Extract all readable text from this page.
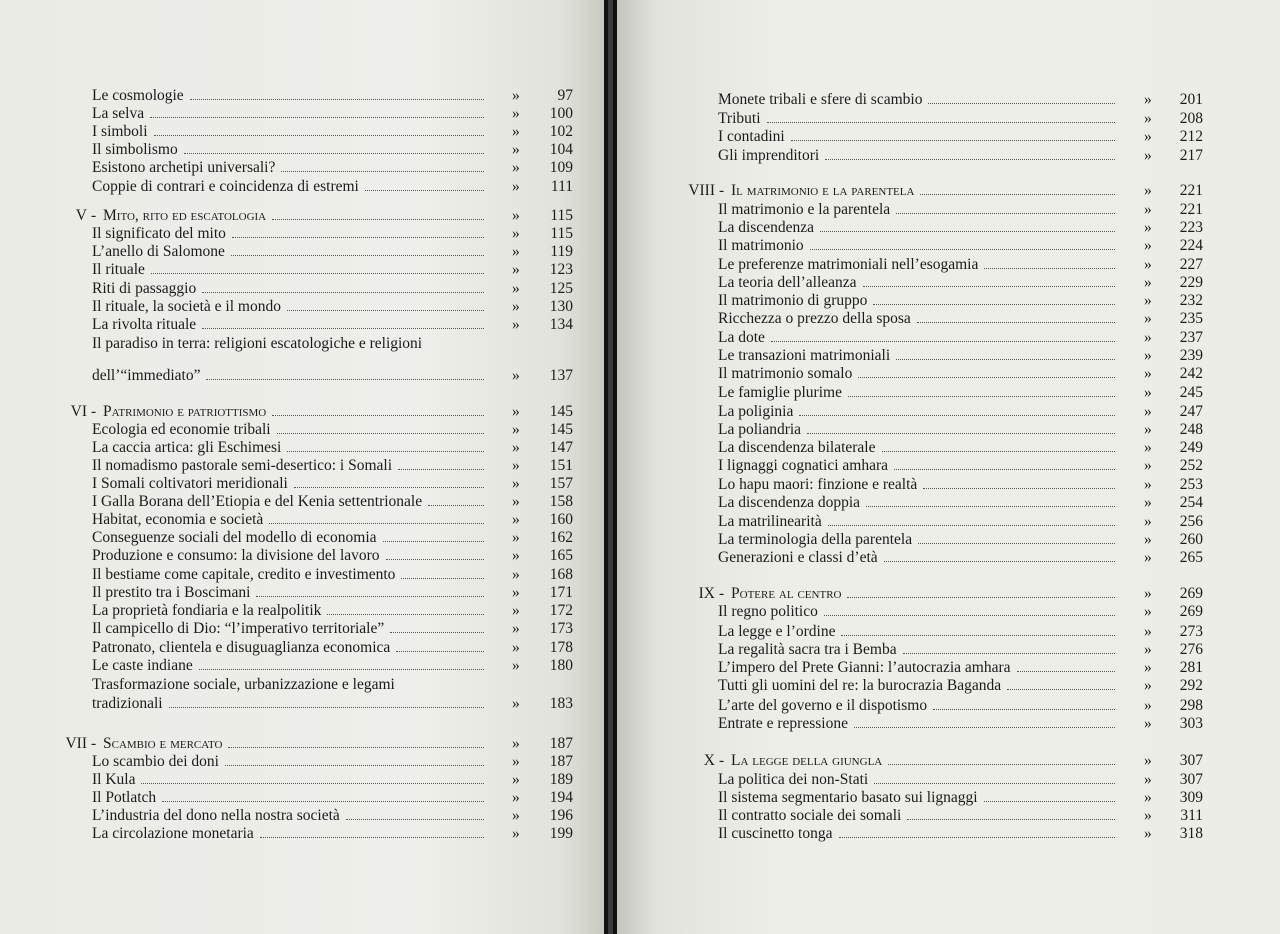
Le cosmologie	»	97
La selva	»	100
I simboli	»	102
Il simbolismo	»	104
Esistono archetipi universali?	»	109
Coppie di contrari e coincidenza di estremi	»	111
V - Mito, rito ed escatologia	»	115
Il significato del mito	»	115
L’anello di Salomone	»	119
Il rituale	»	123
Riti di passaggio	»	125
Il rituale, la società e il mondo	»	130
La rivolta rituale	»	134
Il paradiso in terra: religioni escatologiche e religioni
dell’“immediato”	»	137
VI - Patrimonio e patriottismo	»	145
Ecologia ed economie tribali	»	145
La caccia artica: gli Eschimesi	»	147
Il nomadismo pastorale semi-desertico: i Somali	»	151
I Somali coltivatori meridionali	»	157
I Galla Borana dell’Etiopia e del Kenia settentrionale	»	158
Habitat, economia e società	»	160
Conseguenze sociali del modello di economia	»	162
Produzione e consumo: la divisione del lavoro	»	165
Il bestiame come capitale, credito e investimento	»	168
Il prestito tra i Boscimani	»	171
La proprietà fondiaria e la realpolitik	»	172
Il campicello di Dio: “l’imperativo territoriale”	»	173
Patronato, clientela e disuguaglianza economica	»	178
Le caste indiane	»	180
Trasformazione sociale, urbanizzazione e legami
tradizionali	»	183
VII - Scambio e mercato	»	187
Lo scambio dei doni	»	187
Il Kula	»	189
Il Potlatch	»	194
L’industria del dono nella nostra società	»	196
La circolazione monetaria	»	199
Monete tribali e sfere di scambio	»	201
Tributi	»	208
I contadini	»	212
Gli imprenditori	»	217
VIII - Il matrimonio e la parentela	»	221
Il matrimonio e la parentela	»	221
La discendenza	»	223
Il matrimonio	»	224
Le preferenze matrimoniali nell’esogamia	»	227
La teoria dell’alleanza	»	229
Il matrimonio di gruppo	»	232
Ricchezza o prezzo della sposa	»	235
La dote	»	237
Le transazioni matrimoniali	»	239
Il matrimonio somalo	»	242
Le famiglie plurime	»	245
La poliginia	»	247
La poliandria	»	248
La discendenza bilaterale	»	249
I lignaggi cognatici amhara	»	252
Lo hapu maori: finzione e realtà	»	253
La discendenza doppia	»	254
La matrilinearità	»	256
La terminologia della parentela	»	260
Generazioni e classi d’età	»	265
IX - Potere al centro	»	269
Il regno politico	»	269
La legge e l’ordine	»	273
La regalità sacra tra i Bemba	»	276
L’impero del Prete Gianni: l’autocrazia amhara	»	281
Tutti gli uomini del re: la burocrazia Baganda	»	292
L’arte del governo e il dispotismo	»	298
Entrate e repressione	»	303
X - La legge della giungla	»	307
La politica dei non-Stati	»	307
Il sistema segmentario basato sui lignaggi	»	309
Il contratto sociale dei somali	»	311
Il cuscinetto tonga	»	318
